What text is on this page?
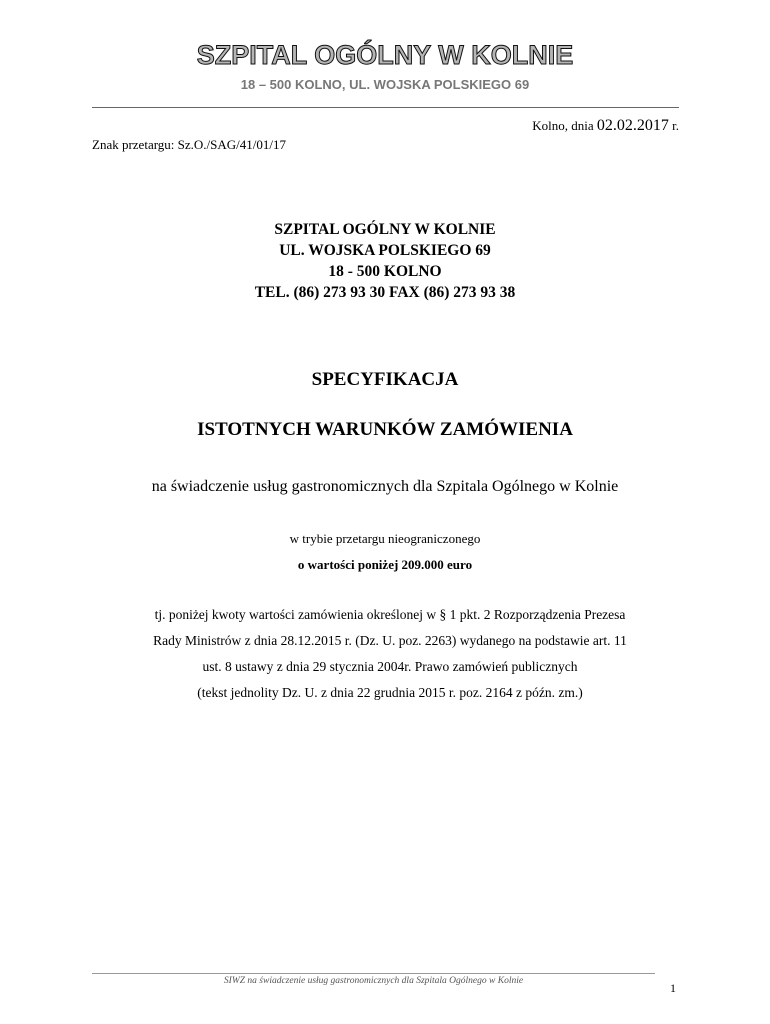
SZPITAL OGÓLNY W KOLNIE
18 – 500 KOLNO, UL. WOJSKA POLSKIEGO 69
Kolno, dnia 02.02.2017 r.
Znak przetargu: Sz.O./SAG/41/01/17
SZPITAL OGÓLNY W KOLNIE
UL. WOJSKA POLSKIEGO 69
18 - 500 KOLNO
TEL. (86) 273 93 30 FAX (86) 273 93 38
SPECYFIKACJA
ISTOTNYCH WARUNKÓW ZAMÓWIENIA
na świadczenie usług gastronomicznych dla Szpitala Ogólnego w Kolnie
w trybie przetargu nieograniczonego
o wartości poniżej 209.000 euro
tj. poniżej kwoty wartości zamówienia określonej w § 1 pkt. 2 Rozporządzenia Prezesa
Rady Ministrów z dnia 28.12.2015 r. (Dz. U. poz. 2263) wydanego na podstawie art. 11
ust. 8 ustawy z dnia 29 stycznia 2004r. Prawo zamówień publicznych
(tekst jednolity Dz. U. z dnia 22 grudnia 2015 r. poz. 2164 z późn. zm.)
SIWZ na świadczenie usług gastronomicznych dla Szpitala Ogólnego w Kolnie	1
